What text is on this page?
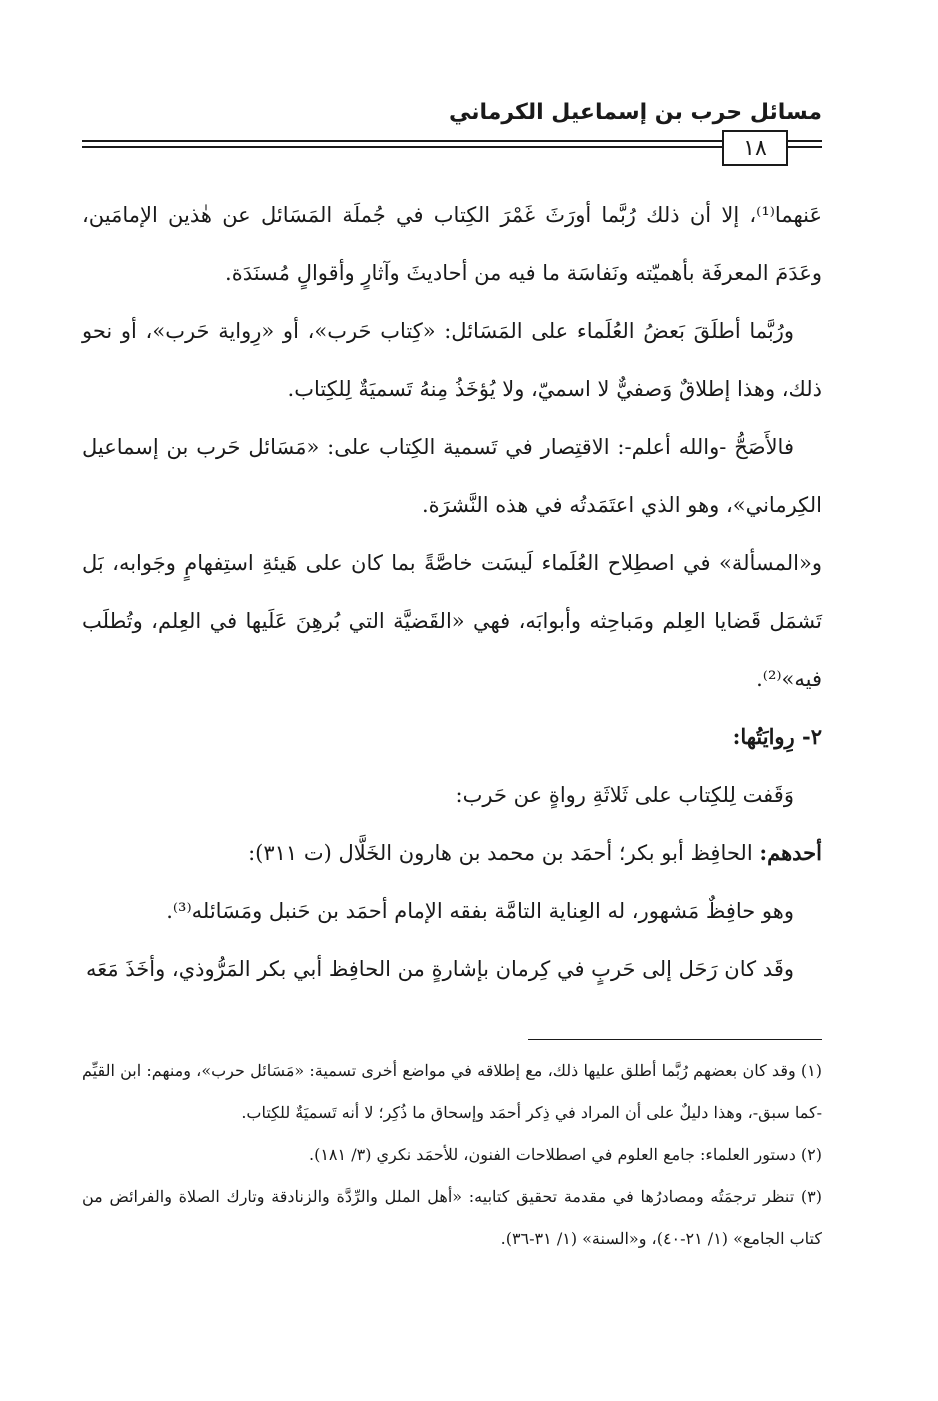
مسائل حرب بن إسماعيل الكرماني
١٨

عَنهما⁽¹⁾، إلا أن ذلك رُبَّما أورَثَ غَمْرَ الكِتاب في جُملَة المَسَائل عن هٰذين الإمامَين، وعَدَمَ المعرفَة بأهميّته ونَفاسَة ما فيه من أحاديثَ وآثارٍ وأقوالٍ مُسنَدَة.

ورُبَّما أطلَقَ بَعضُ العُلَماء على المَسَائل: «كِتاب حَرب»، أو «رِواية حَرب»، أو نحو ذلك، وهذا إطلاقٌ وَصفيٌّ لا اسميّ، ولا يُؤخَذُ مِنهُ تَسميَةٌ لِلكِتاب.

فالأَصَحُّ -والله أعلم-: الاقتِصار في تَسمية الكِتاب على: «مَسَائل حَرب بن إسماعيل الكِرماني»، وهو الذي اعتَمَدتُه في هذه النَّشرَة.

و«المسألة» في اصطِلاح العُلَماء لَيسَت خاصَّةً بما كان على هَيئةِ استِفهامٍ وجَوابه، بَل تَشمَل قَضايا العِلم ومَباحِثه وأبوابَه، فهي «القَضيَّة التي بُرهِنَ عَلَيها في العِلم، وتُطلَب فيه»⁽²⁾.

٢- رِوايَتُها:

وَقَفت لِلكِتاب على ثَلاثَةِ رواةٍ عن حَرب:

أحدهم: الحافِظ أبو بكر؛ أحمَد بن محمد بن هارون الخَلَّال (ت ٣١١):

وهو حافِظٌ مَشهور، له العِناية التامَّة بفقه الإمام أحمَد بن حَنبل ومَسَائله⁽³⁾.

وقَد كان رَحَل إلى حَربٍ في كِرمان بإشارةٍ من الحافِظ أبي بكر المَرُّوذي، وأخَذَ مَعَه

(١) وقد كان بعضهم رُبَّما أطلق عليها ذلك، مع إطلاقه في مواضع أخرى تسمية: «مَسَائل حرب»، ومنهم: ابن القيِّم -كما سبق-، وهذا دليلٌ على أن المراد في ذِكر أحمَد وإسحاق ما ذُكِر؛ لا أنه تَسميَةٌ للكِتاب.

(٢) دستور العلماء: جامع العلوم في اصطلاحات الفنون، للأحمَد نكري (٣/ ١٨١).

(٣) تنظر ترجمَتُه ومصادرُها في مقدمة تحقيق كتابيه: «أهل الملل والرِّدَّة والزنادقة وتارك الصلاة والفرائض من كتاب الجامع» (١/ ٢١-٤٠)، و«السنة» (١/ ٣١-٣٦).
